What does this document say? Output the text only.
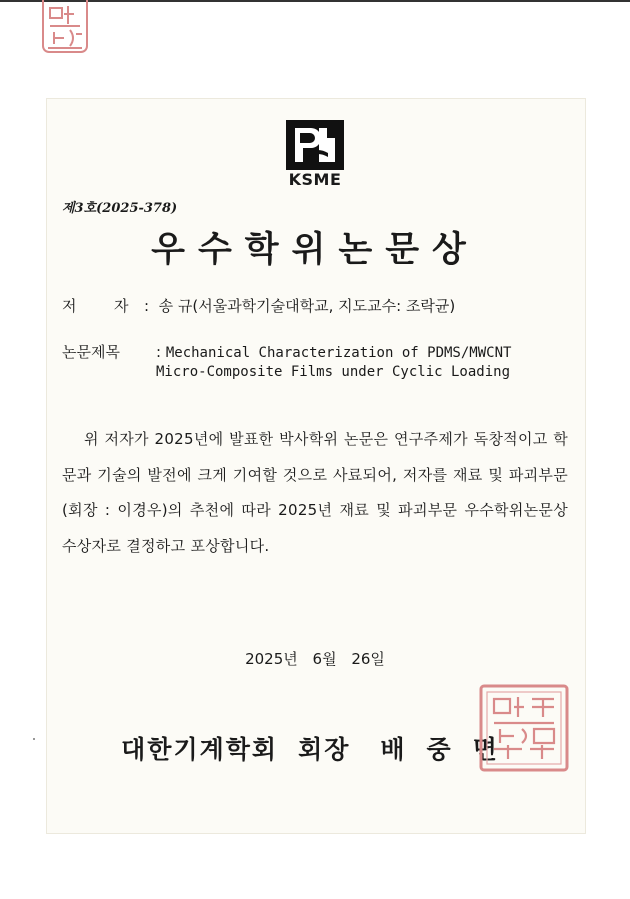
KSME
제3호(2025-378)
우수학위논문상
저	자 : 송 규(서울과학기술대학교, 지도교수: 조락균)
논문제목 : Mechanical Characterization of PDMS/MWCNT
Micro-Composite Films under Cyclic Loading
위 저자가 2025년에 발표한 박사학위 논문은 연구주제가 독창적이고 학문과 기술의 발전에 크게 기여할 것으로 사료되어, 저자를 재료 및 파괴부문(회장 : 이경우)의 추천에 따라 2025년 재료 및 파괴부문 우수학위논문상 수상자로 결정하고 포상합니다.
2025년 6월 26일
대한기계학회 회장 배 중 면
